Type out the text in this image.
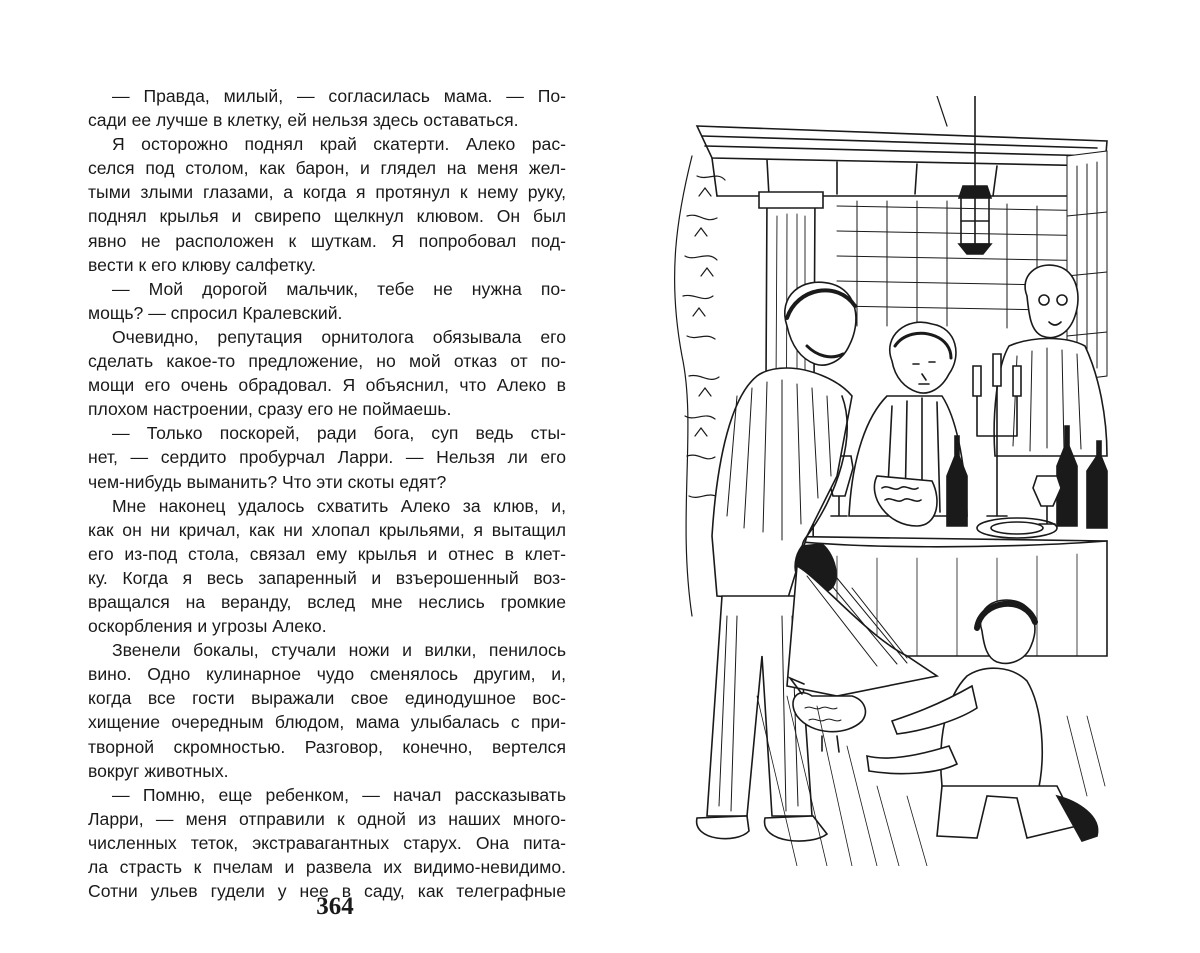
— Правда, милый, — согласилась мама. — По-
сади ее лучше в клетку, ей нельзя здесь оставаться.
Я осторожно поднял край скатерти. Алеко рас-
селся под столом, как барон, и глядел на меня жел-
тыми злыми глазами, а когда я протянул к нему руку,
поднял крылья и свирепо щелкнул клювом. Он был
явно не расположен к шуткам. Я попробовал под-
вести к его клюву салфетку.
— Мой дорогой мальчик, тебе не нужна по-
мощь? — спросил Кралевский.
Очевидно, репутация орнитолога обязывала его
сделать какое-то предложение, но мой отказ от по-
мощи его очень обрадовал. Я объяснил, что Алеко в
плохом настроении, сразу его не поймаешь.
— Только поскорей, ради бога, суп ведь сты-
нет, — сердито пробурчал Ларри. — Нельзя ли его
чем-нибудь выманить? Что эти скоты едят?
Мне наконец удалось схватить Алеко за клюв, и,
как он ни кричал, как ни хлопал крыльями, я вытащил
его из-под стола, связал ему крылья и отнес в клет-
ку. Когда я весь запаренный и взъерошенный воз-
вращался на веранду, вслед мне неслись громкие
оскорбления и угрозы Алеко.
Звенели бокалы, стучали ножи и вилки, пенилось
вино. Одно кулинарное чудо сменялось другим, и,
когда все гости выражали свое единодушное вос-
хищение очередным блюдом, мама улыбалась с при-
творной скромностью. Разговор, конечно, вертелся
вокруг животных.
— Помню, еще ребенком, — начал рассказывать
Ларри, — меня отправили к одной из наших много-
численных теток, экстравагантных старух. Она пита-
ла страсть к пчелам и развела их видимо-невидимо.
Сотни ульев гудели у нее в саду, как телеграфные
364
